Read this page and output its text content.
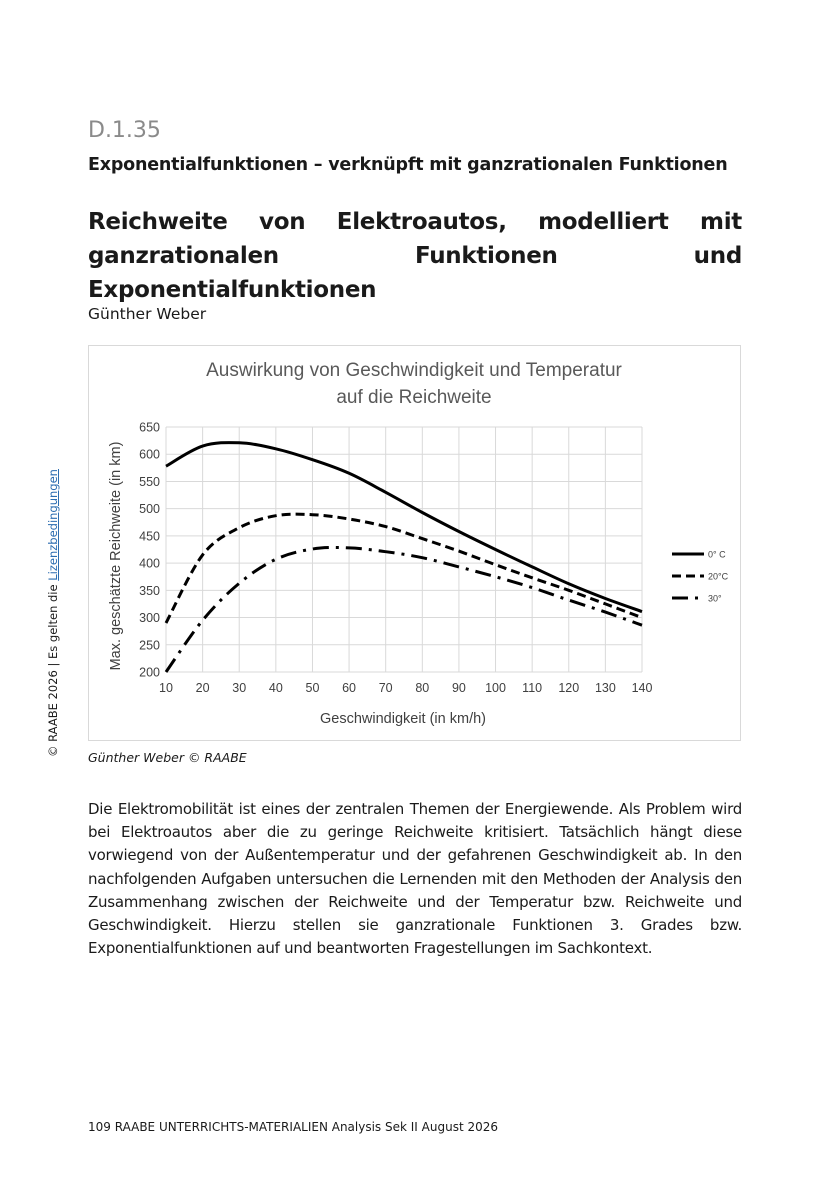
© RAABE 2026 | Es gelten die Lizenzbedingungen
D.1.35
Exponentialfunktionen – verknüpft mit ganzrationalen Funktionen
Reichweite von Elektroautos, modelliert mit ganzrationalen Funktionen und Exponentialfunktionen
Günther Weber
Auswirkung von Geschwindigkeit und Temperatur
auf die Reichweite
200
250
300
350
400
450
500
550
600
650
10 20 30 40 50 60 70 80 90 100 110 120 130 140
0° C
20°C
30°
Geschwindigkeit (in km/h)
Max. geschätzte Reichweite (in km)
Günther Weber © RAABE
Die Elektromobilität ist eines der zentralen Themen der Energiewende. Als Problem wird bei Elektroautos aber die zu geringe Reichweite kritisiert. Tatsächlich hängt diese vorwiegend von der Außentemperatur und der gefahrenen Geschwindigkeit ab. In den nachfolgenden Aufgaben untersuchen die Lernenden mit den Methoden der Analysis den Zusammenhang zwischen der Reichweite und der Temperatur bzw. Reichweite und Geschwindigkeit. Hierzu stellen sie ganzrationale Funktionen 3. Grades bzw. Exponentialfunktionen auf und beantworten Fragestellungen im Sachkontext.
109 RAABE UNTERRICHTS-MATERIALIEN Analysis Sek II August 2026
